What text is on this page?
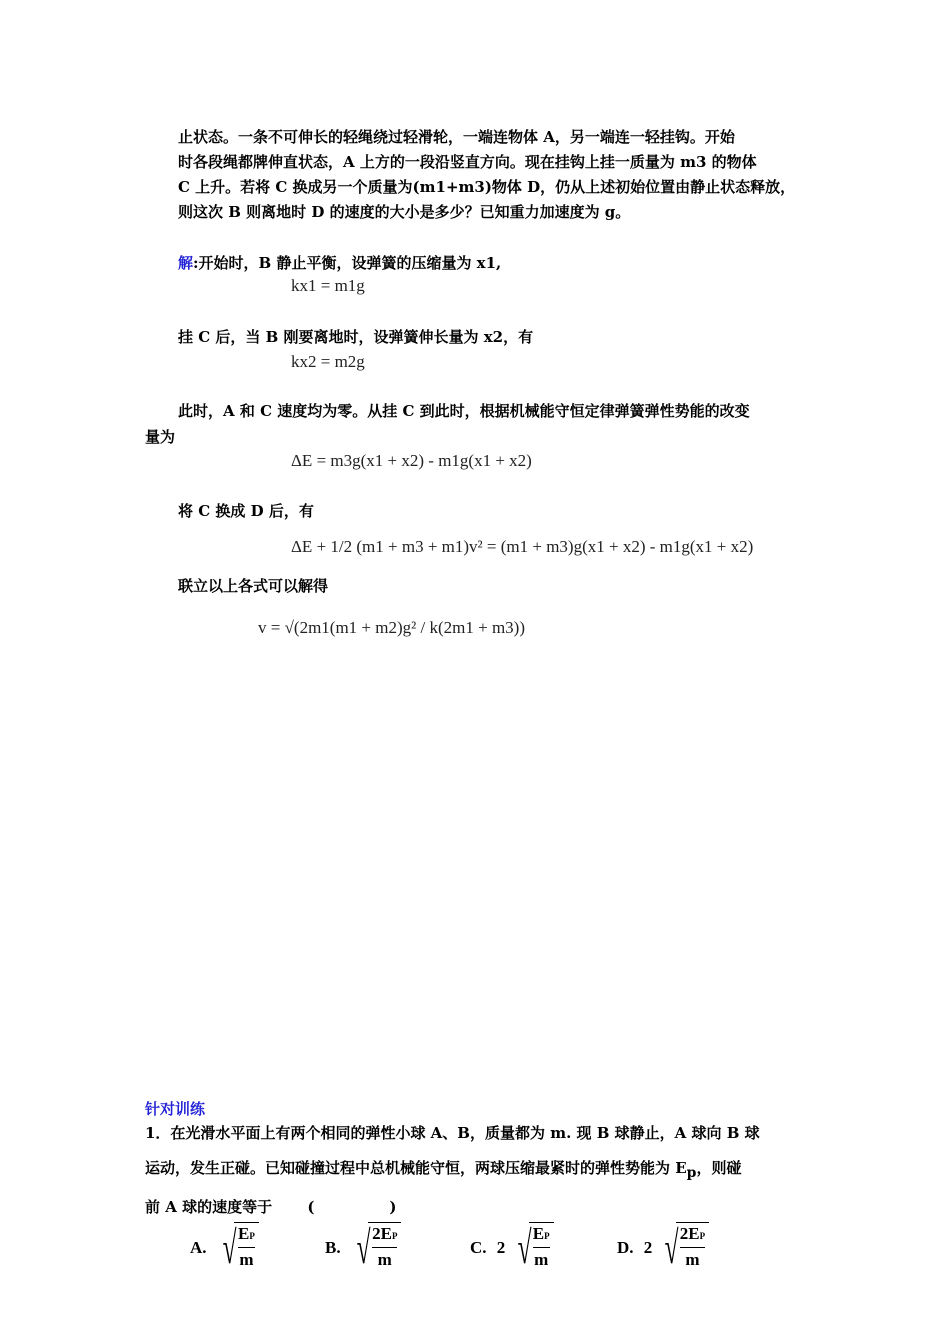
止状态。一条不可伸长的轻绳绕过轻滑轮，一端连物体 A，另一端连一轻挂钩。开始
时各段绳都牌伸直状态，A 上方的一段沿竖直方向。现在挂钩上挂一质量为 m3 的物体
C 上升。若将 C 换成另一个质量为(m1+m3)物体 D，仍从上述初始位置由静止状态释放，
则这次 B 则离地时 D 的速度的大小是多少？已知重力加速度为 g。
解:开始时，B 静止平衡，设弹簧的压缩量为 x1,
kx1 = m1g
挂 C 后，当 B 刚要离地时，设弹簧伸长量为 x2，有
kx2 = m2g
此时，A 和 C 速度均为零。从挂 C 到此时，根据机械能守恒定律弹簧弹性势能的改变
量为
ΔE = m3g(x1 + x2) - m1g(x1 + x2)
将 C 换成 D 后，有
ΔE + 1/2 (m1 + m3 + m1)v² = (m1 + m3)g(x1 + x2) - m1g(x1 + x2)
联立以上各式可以解得
v = √(2m1(m1 + m2)g² / k(2m1 + m3))
针对训练
1．在光滑水平面上有两个相同的弹性小球 A、B，质量都为 m. 现 B 球静止，A 球向 B 球
运动，发生正碰。已知碰撞过程中总机械能守恒，两球压缩最紧时的弹性势能为 $E_p$，则碰
前 A 球的速度等于 (　　　　　)
A. √ EP
m
B. √ 2EP
m
C. 2 √ EP
m
D. 2 √ 2EP
m
